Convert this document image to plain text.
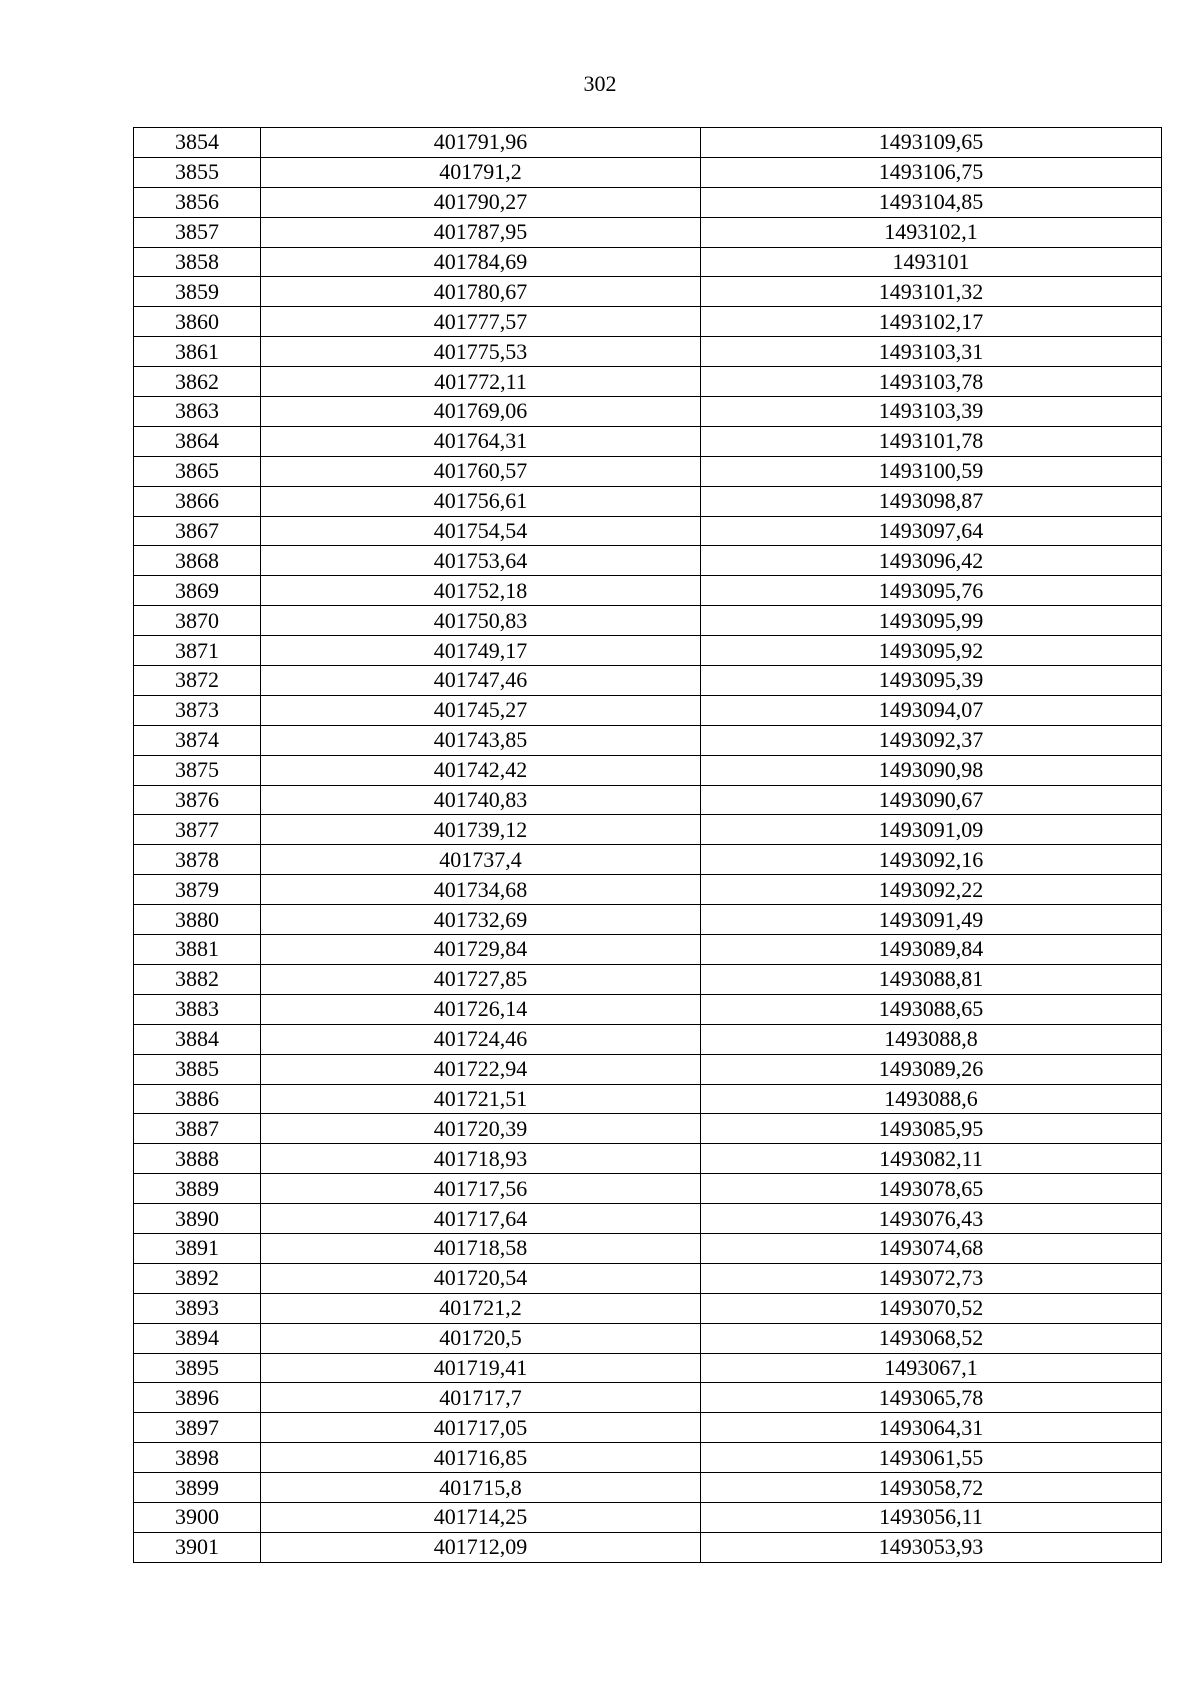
302
3854	401791,96	1493109,65
3855	401791,2	1493106,75
3856	401790,27	1493104,85
3857	401787,95	1493102,1
3858	401784,69	1493101
3859	401780,67	1493101,32
3860	401777,57	1493102,17
3861	401775,53	1493103,31
3862	401772,11	1493103,78
3863	401769,06	1493103,39
3864	401764,31	1493101,78
3865	401760,57	1493100,59
3866	401756,61	1493098,87
3867	401754,54	1493097,64
3868	401753,64	1493096,42
3869	401752,18	1493095,76
3870	401750,83	1493095,99
3871	401749,17	1493095,92
3872	401747,46	1493095,39
3873	401745,27	1493094,07
3874	401743,85	1493092,37
3875	401742,42	1493090,98
3876	401740,83	1493090,67
3877	401739,12	1493091,09
3878	401737,4	1493092,16
3879	401734,68	1493092,22
3880	401732,69	1493091,49
3881	401729,84	1493089,84
3882	401727,85	1493088,81
3883	401726,14	1493088,65
3884	401724,46	1493088,8
3885	401722,94	1493089,26
3886	401721,51	1493088,6
3887	401720,39	1493085,95
3888	401718,93	1493082,11
3889	401717,56	1493078,65
3890	401717,64	1493076,43
3891	401718,58	1493074,68
3892	401720,54	1493072,73
3893	401721,2	1493070,52
3894	401720,5	1493068,52
3895	401719,41	1493067,1
3896	401717,7	1493065,78
3897	401717,05	1493064,31
3898	401716,85	1493061,55
3899	401715,8	1493058,72
3900	401714,25	1493056,11
3901	401712,09	1493053,93
